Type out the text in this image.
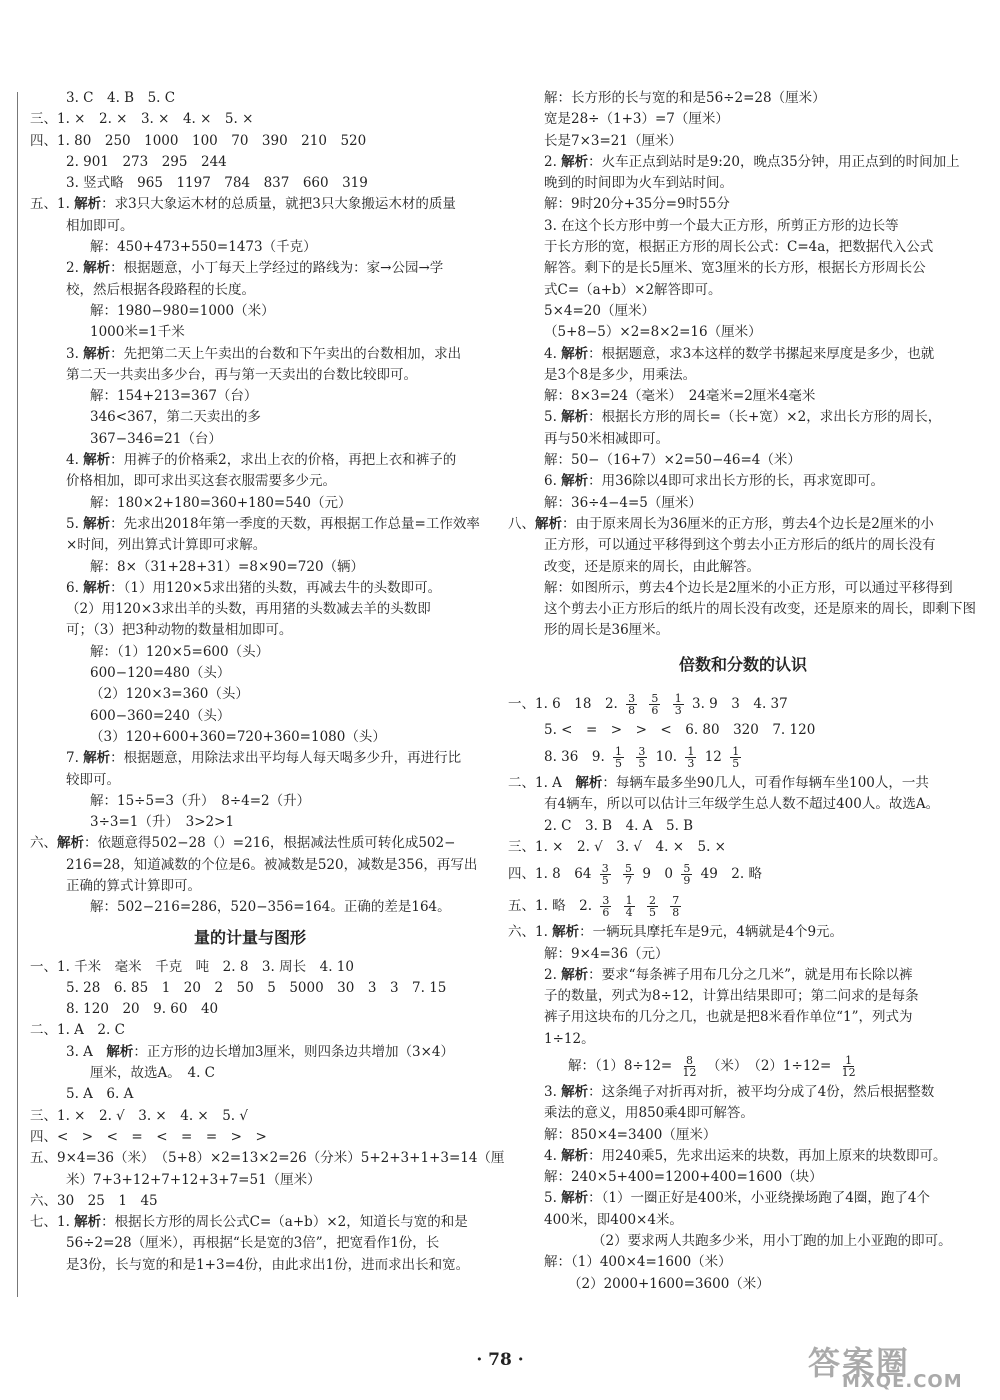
3. C　4. B　5. C
三、1. ×　2. ×　3. ×　4. ×　5. ×
四、1. 80　250　1000　100　70　390　210　520
2. 901　273　295　244
3. 竖式略　965　1197　784　837　660　319
五、1. 解析：求3只大象运木材的总质量，就把3只大象搬运木材的质量
相加即可。
解：450+473+550=1473（千克）
2. 解析：根据题意，小丁每天上学经过的路线为：家→公园→学
校，然后根据各段路程的长度。
解：1980−980=1000（米）
1000米=1千米
3. 解析：先把第二天上午卖出的台数和下午卖出的台数相加，求出
第二天一共卖出多少台，再与第一天卖出的台数比较即可。
解：154+213=367（台）
346<367，第二天卖出的多
367−346=21（台）
4. 解析：用裤子的价格乘2，求出上衣的价格，再把上衣和裤子的
价格相加，即可求出买这套衣服需要多少元。
解：180×2+180=360+180=540（元）
5. 解析：先求出2018年第一季度的天数，再根据工作总量=工作效率
×时间，列出算式计算即可求解。
解：8×（31+28+31）=8×90=720（辆）
6. 解析：（1）用120×5求出猪的头数，再减去牛的头数即可。
（2）用120×3求出羊的头数，再用猪的头数减去羊的头数即
可；（3）把3种动物的数量相加即可。
解：（1）120×5=600（头）
600−120=480（头）
（2）120×3=360（头）
600−360=240（头）
（3）120+600+360=720+360=1080（头）
7. 解析：根据题意，用除法求出平均每人每天喝多少升，再进行比
较即可。
解：15÷5=3（升）　8÷4=2（升）
3÷3=1（升）　3>2>1
六、解析：依题意得502−28（）=216，根据减法性质可转化成502−
216=28，知道减数的个位是6。被减数是520，减数是356，再写出
正确的算式计算即可。
解：502−216=286，520−356=164。正确的差是164。
量的计量与图形
一、1. 千米　毫米　千克　吨　2. 8　3. 周长　4. 10
5. 28　6. 85　1　20　2　50　5　5000　30　3　3　7. 15
8. 120　20　9. 60　40
二、1. A　2. C
3. A　解析：正方形的边长增加3厘米，则四条边共增加（3×4）
厘米，故选A。　4. C
5. A　6. A
三、1. ×　2. √　3. ×　4. ×　5. √
四、<　>　<　=　<　=　=　>　>
五、9×4=36（米）　（5+8）×2=13×2=26（分米）5+2+3+1+3=14（厘
米）7+3+12+7+12+3+7=51（厘米）
六、30　25　1　45
七、1. 解析：根据长方形的周长公式C=（a+b）×2，知道长与宽的和是
56÷2=28（厘米），再根据“长是宽的3倍”，把宽看作1份，长
是3份，长与宽的和是1+3=4份，由此求出1份，进而求出长和宽。
解：长方形的长与宽的和是56÷2=28（厘米）
宽是28÷（1+3）=7（厘米）
长是7×3=21（厘米）
2. 解析：火车正点到站时是9:20，晚点35分钟，用正点到的时间加上
晚到的时间即为火车到站时间。
解：9时20分+35分=9时55分
3. 在这个长方形中剪一个最大正方形，所剪正方形的边长等
于长方形的宽，根据正方形的周长公式：C=4a，把数据代入公式
解答。剩下的是长5厘米、宽3厘米的长方形，根据长方形周长公
式C=（a+b）×2解答即可。
5×4=20（厘米）
（5+8−5）×2=8×2=16（厘米）
4. 解析：根据题意，求3本这样的数学书摞起来厚度是多少，也就
是3个8是多少，用乘法。
解：8×3=24（毫米）　24毫米=2厘米4毫米
5. 解析：根据长方形的周长=（长+宽）×2，求出长方形的周长，
再与50米相减即可。
解：50−（16+7）×2=50−46=4（米）
6. 解析：用36除以4即可求出长方形的长，再求宽即可。
解：36÷4−4=5（厘米）
八、解析：由于原来周长为36厘米的正方形，剪去4个边长是2厘米的小
正方形，可以通过平移得到这个剪去小正方形后的纸片的周长没有
改变，还是原来的周长，由此解答。
解：如图所示，剪去4个边长是2厘米的小正方形，可以通过平移得到
这个剪去小正方形后的纸片的周长没有改变，还是原来的周长，即剩下图
形的周长是36厘米。
倍数和分数的认识
一、1. 6　18　2. $\frac{3}{8}$
$\frac{5}{6}$
$\frac{1}{3} 3$. 9　3　4. 37
5. <　=　>　>　<　6. 80　320　7. 120
8. 36　9. $\frac{1}{5}$
$\frac{3}{5} 10$. $\frac{1}{3} 12 \frac{1}{5}$
二、1. A　解析：每辆车最多坐90几人，可看作每辆车坐100人，一共
有4辆车，所以可以估计三年级学生总人数不超过400人。故选A。
2. C　3. B　4. A　5. B
三、1. ×　2. √　3. √　4. ×　5. ×
四、1. 8　$64 \frac{3}{5}$
$\frac{5}{7} 9$　$0 \frac{5}{9} 49$　2. 略
五、1. 略　2. $\frac{3}{6}$
$\frac{1}{4}$
$\frac{2}{5}$
$\frac{7}{8}$
六、1. 解析：一辆玩具摩托车是9元，4辆就是4个9元。
解：9×4=36（元）
2. 解析：要求“每条裤子用布几分之几米”，就是用布长除以裤
子的数量，列式为8÷12，计算出结果即可；第二问求的是每条
裤子用这块布的几分之几，也就是把8米看作单位“1”，列式为
1÷12。
解：$(1)8\div 12= \frac{8}{12}$ （米）　$(2)1\div 12= \frac{1}{12}$
3. 解析：这条绳子对折再对折，被平均分成了4份，然后根据整数
乘法的意义，用850乘4即可解答。
解：850×4=3400（厘米）
4. 解析：用240乘5，先求出运来的块数，再加上原来的块数即可。
解：240×5+400=1200+400=1600（块）
5. 解析：（1）一圈正好是400米，小亚绕操场跑了4圈，跑了4个
400米，即400×4米。
（2）要求两人共跑多少米，用小丁跑的加上小亚跑的即可。
解：（1）400×4=1600（米）
（2）2000+1600=3600（米）
· 78 ·	答案圈
MXQE.COM
